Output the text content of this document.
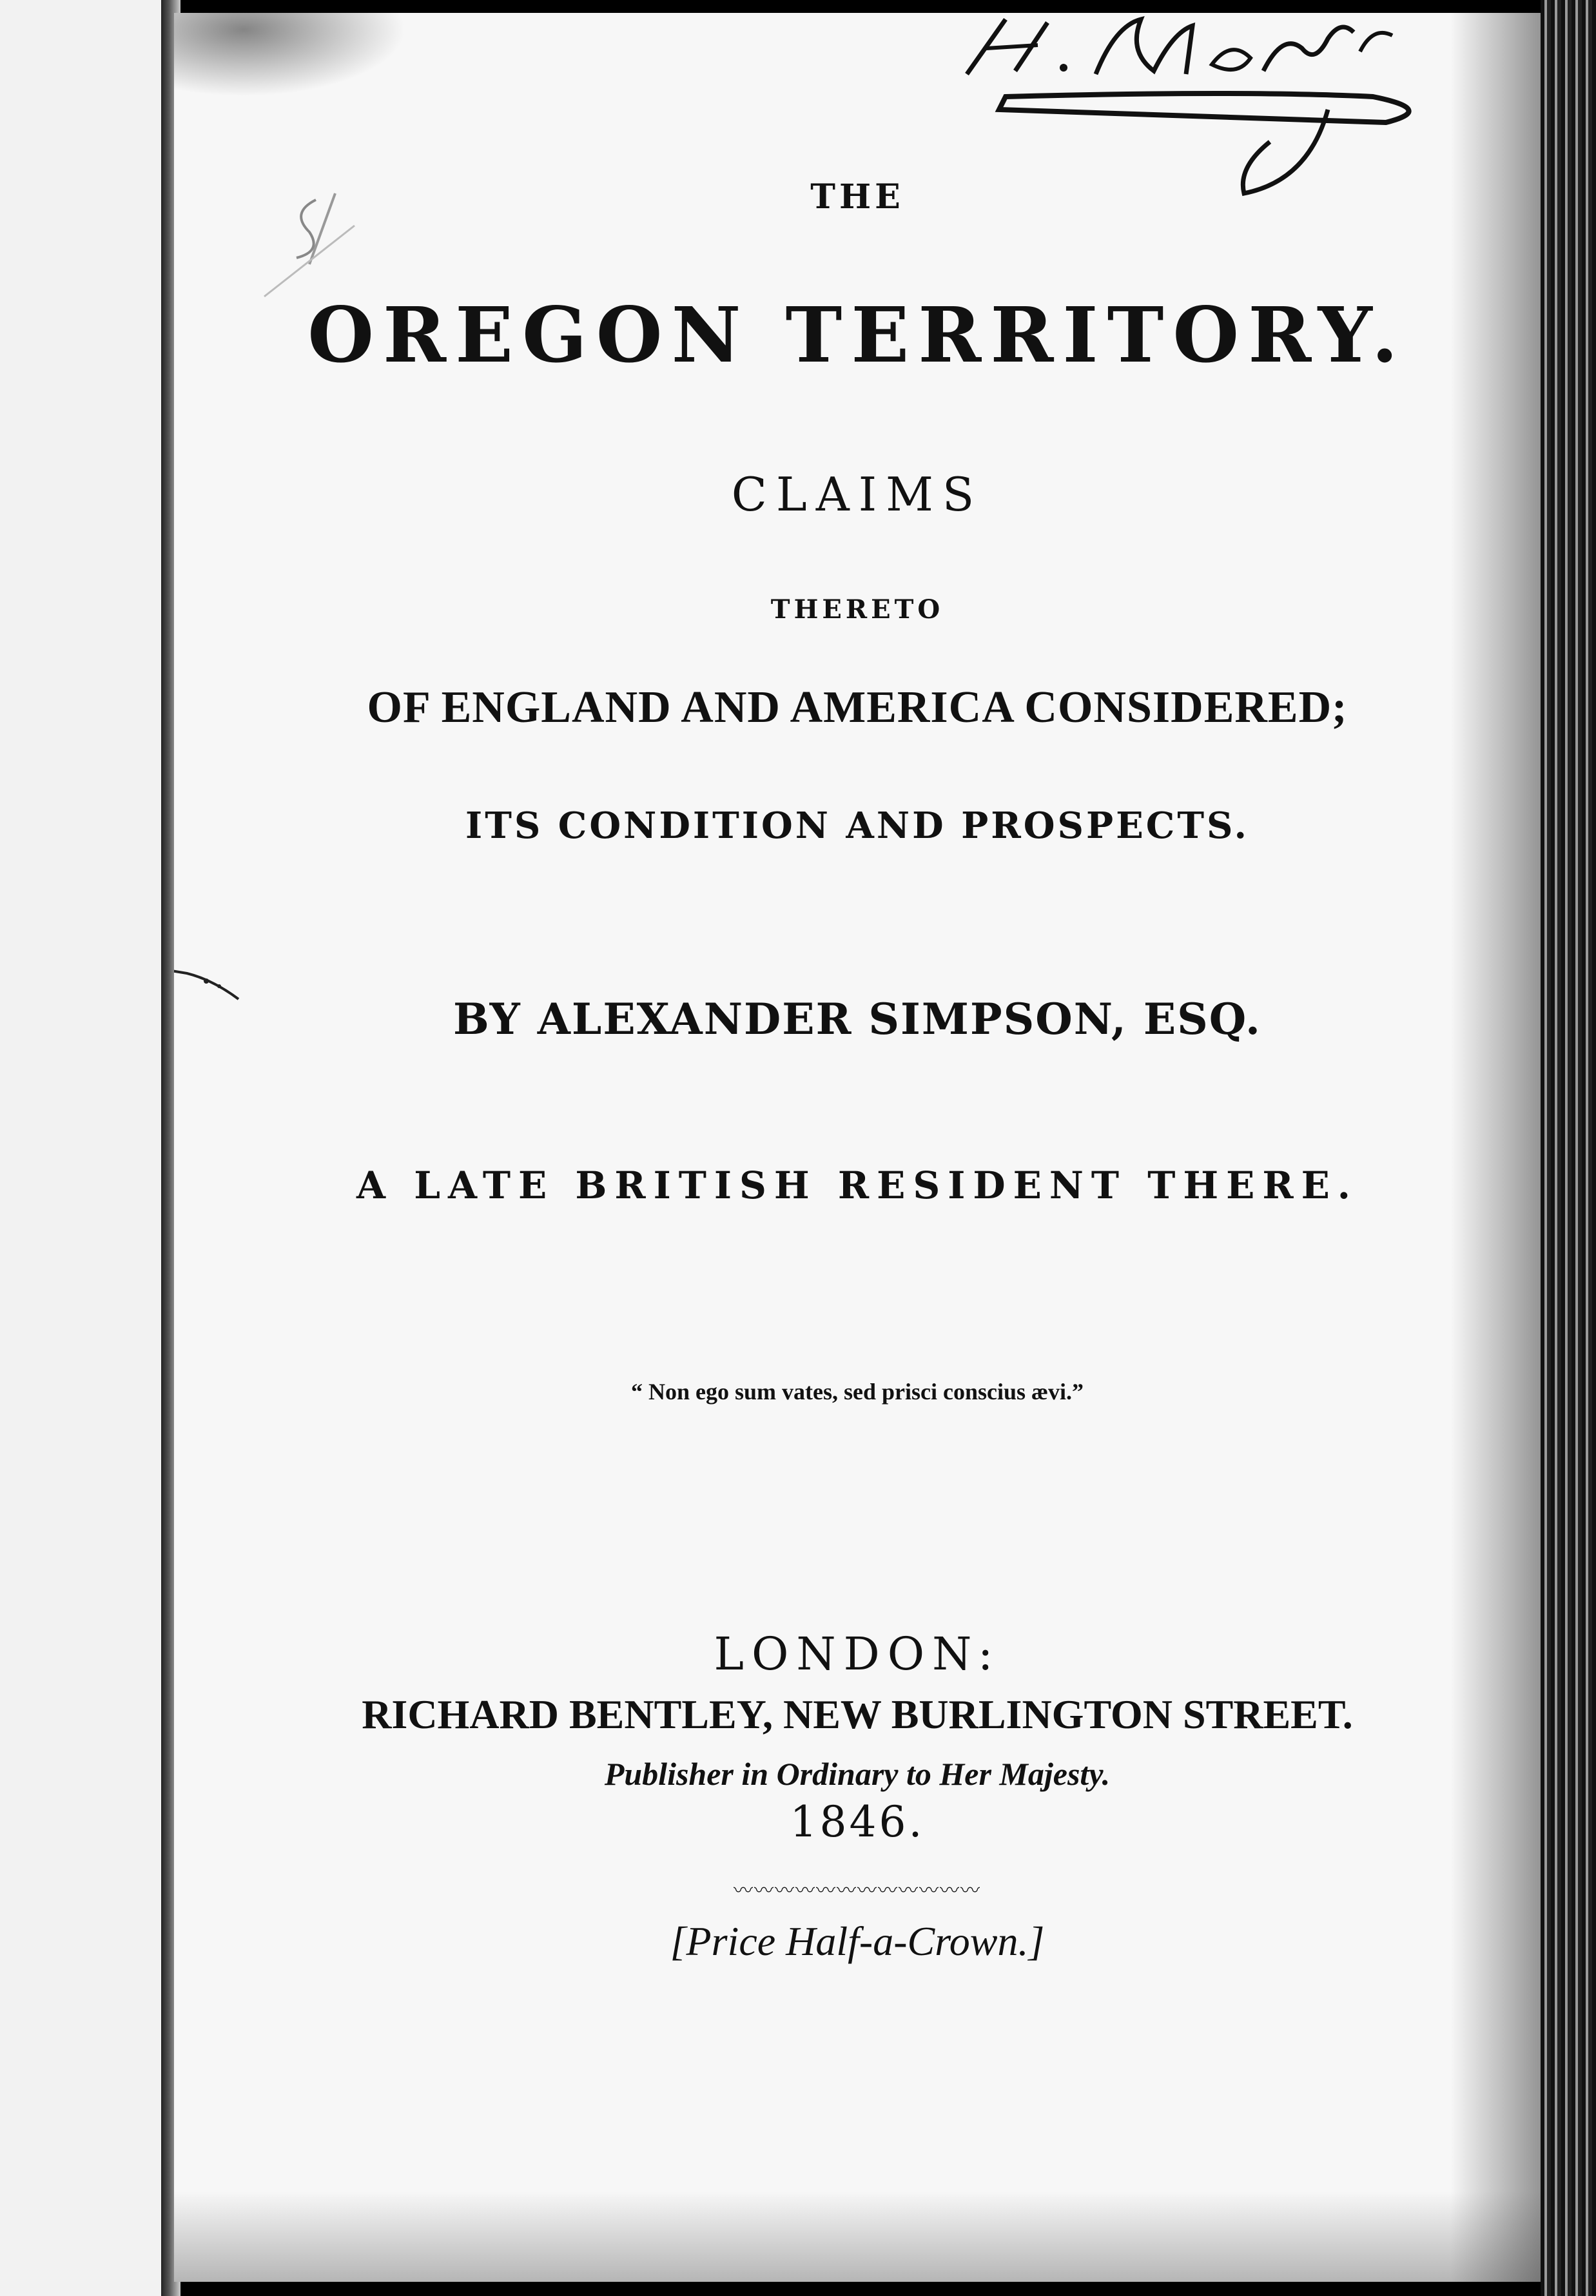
THE
OREGON TERRITORY.
CLAIMS
THERETO
OF ENGLAND AND AMERICA CONSIDERED;
ITS CONDITION AND PROSPECTS.
BY ALEXANDER SIMPSON, ESQ.
A LATE BRITISH RESIDENT THERE.
“ Non ego sum vates, sed prisci conscius ævi.”
LONDON:
RICHARD BENTLEY, NEW BURLINGTON STREET.
Publisher in Ordinary to Her Majesty.
1846.
〰〰〰〰〰〰〰〰〰〰〰〰
[Price Half-a-Crown.]
